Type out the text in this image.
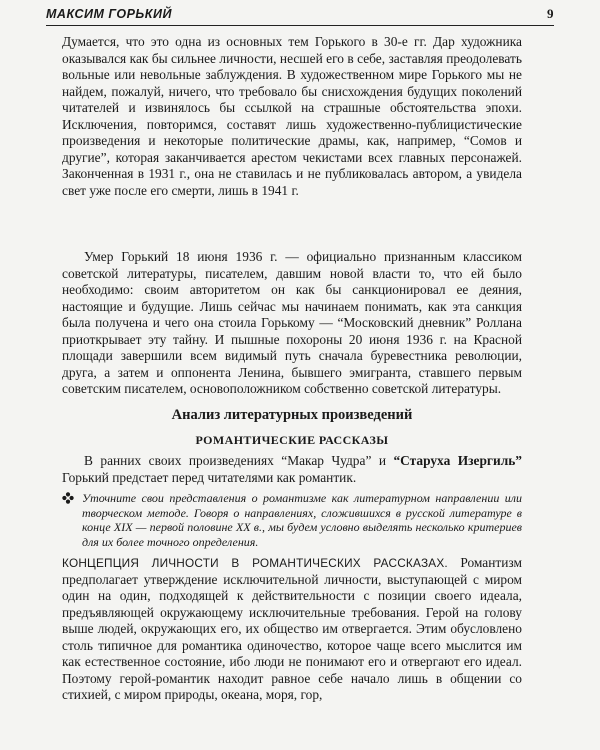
МАКСИМ ГОРЬКИЙ	9

Думается, что это одна из основных тем Горького в 30-е гг. Дар художника оказывался как бы сильнее личности, несшей его в себе, заставляя преодолевать вольные или невольные заблуждения. В художественном мире Горького мы не найдем, пожалуй, ничего, что требовало бы снисхождения будущих поколений читателей и извинялось бы ссылкой на страшные обстоятельства эпохи. Исключения, повторимся, составят лишь художественно-публицистические произведения и некоторые политические драмы, как, например, “Сомов и другие”, которая заканчивается арестом чекистами всех главных персонажей. Законченная в 1931 г., она не ставилась и не публиковалась автором, а увидела свет уже после его смерти, лишь в 1941 г.

Умер Горький 18 июня 1936 г. — официально признанным классиком советской литературы, писателем, давшим новой власти то, что ей было необходимо: своим авторитетом он как бы санкционировал ее деяния, настоящие и будущие. Лишь сейчас мы начинаем понимать, как эта санкция была получена и чего она стоила Горькому — “Московский дневник” Роллана приоткрывает эту тайну. И пышные похороны 20 июня 1936 г. на Красной площади завершили всем видимый путь сначала буревестника революции, друга, а затем и оппонента Ленина, бывшего эмигранта, ставшего первым советским писателем, основоположником собственно советской литературы.

Анализ литературных произведений
РОМАНТИЧЕСКИЕ РАССКАЗЫ

В ранних своих произведениях “Макар Чудра” и “Старуха Изергиль” Горький предстает перед читателями как романтик.

Уточните свои представления о романтизме как литературном направлении или творческом методе. Говоря о направлениях, сложившихся в русской литературе в конце XIX — первой половине XX в., мы будем условно выделять несколько критериев для их более точного определения.

КОНЦЕПЦИЯ ЛИЧНОСТИ В РОМАНТИЧЕСКИХ РАССКАЗАХ. Романтизм предполагает утверждение исключительной личности, выступающей с миром один на один, подходящей к действительности с позиции своего идеала, предъявляющей окружающему исключительные требования. Герой на голову выше людей, окружающих его, их общество им отвергается. Этим обусловлено столь типичное для романтика одиночество, которое чаще всего мыслится им как естественное состояние, ибо люди не понимают его и отвергают его идеал. Поэтому герой-романтик находит равное себе начало лишь в общении со стихией, с миром природы, океана, моря, гор,
